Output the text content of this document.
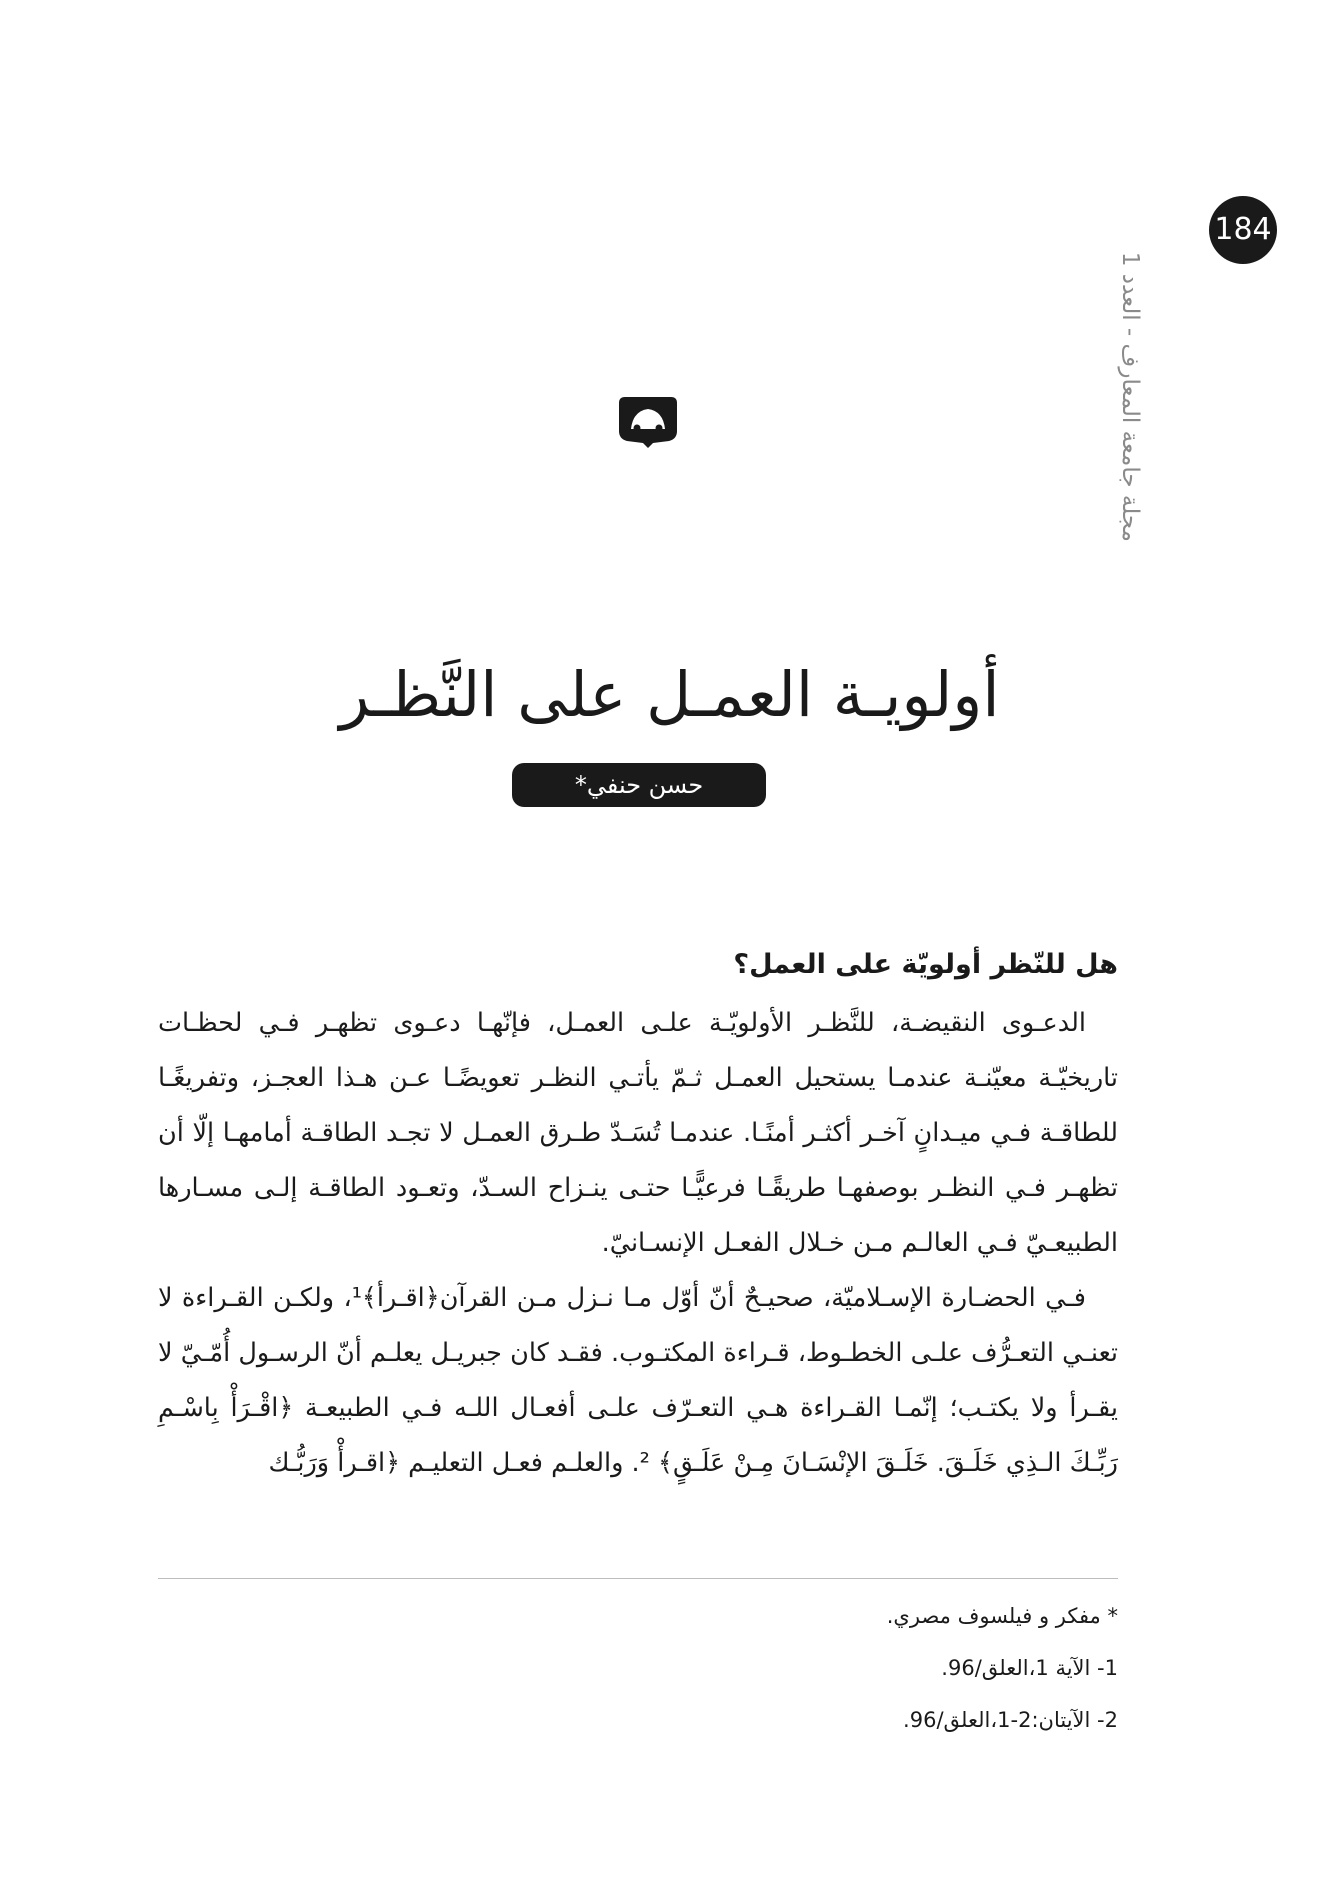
184
مجلة جامعة المعارف - العدد 1
أولويـة العمـل على النَّظـر
حسن حنفي*
هل للنّظر أولويّة على العمل؟

الدعـوى النقيضـة، للنَّظـر الأولويّـة علـى العمـل، فإنّهـا دعـوى تظهـر فـي لحظـات تاريخيّـة معيّنـة عندمـا يستحيل العمـل ثـمّ يأتـي النظـر تعويضًـا عـن هـذا العجـز، وتفريغًـا للطاقـة فـي ميـدانٍ آخـر أكثـر أمنًـا. عندمـا تُسَـدّ طـرق العمـل لا تجـد الطاقـة أمامهـا إلّا أن تظهـر فـي النظـر بوصفهـا طريقًـا فرعيًّـا حتـى ينـزاح السـدّ، وتعـود الطاقـة إلـى مسـارها الطبيعـيّ فـي العالـم مـن خـلال الفعـل الإنسـانيّ.

فـي الحضـارة الإسـلاميّة، صحيـحٌ أنّ أوّل مـا نـزل مـن القرآن﴿اقـرأ﴾¹، ولكـن القـراءة لا تعنـي التعـرُّف علـى الخطـوط، قـراءة المكتـوب. فقـد كان جبريـل يعلـم أنّ الرسـول أُمّـيّ لا يقـرأ ولا يكتـب؛ إنّمـا القـراءة هـي التعـرّف علـى أفعـال اللـه فـي الطبيعـة ﴿اقْـرَأْ بِاسْـمِ رَبِّـكَ الـذِي خَلَـقَ. خَلَـقَ الإنْسَـانَ مِـنْ عَلَـقٍ﴾ ². والعلـم فعـل التعليـم ﴿اقـرأْ وَرَبُّـك

* مفكر و فيلسوف مصري.

1- الآية 1،العلق/96.

2- الآيتان:2-1،العلق/96.
